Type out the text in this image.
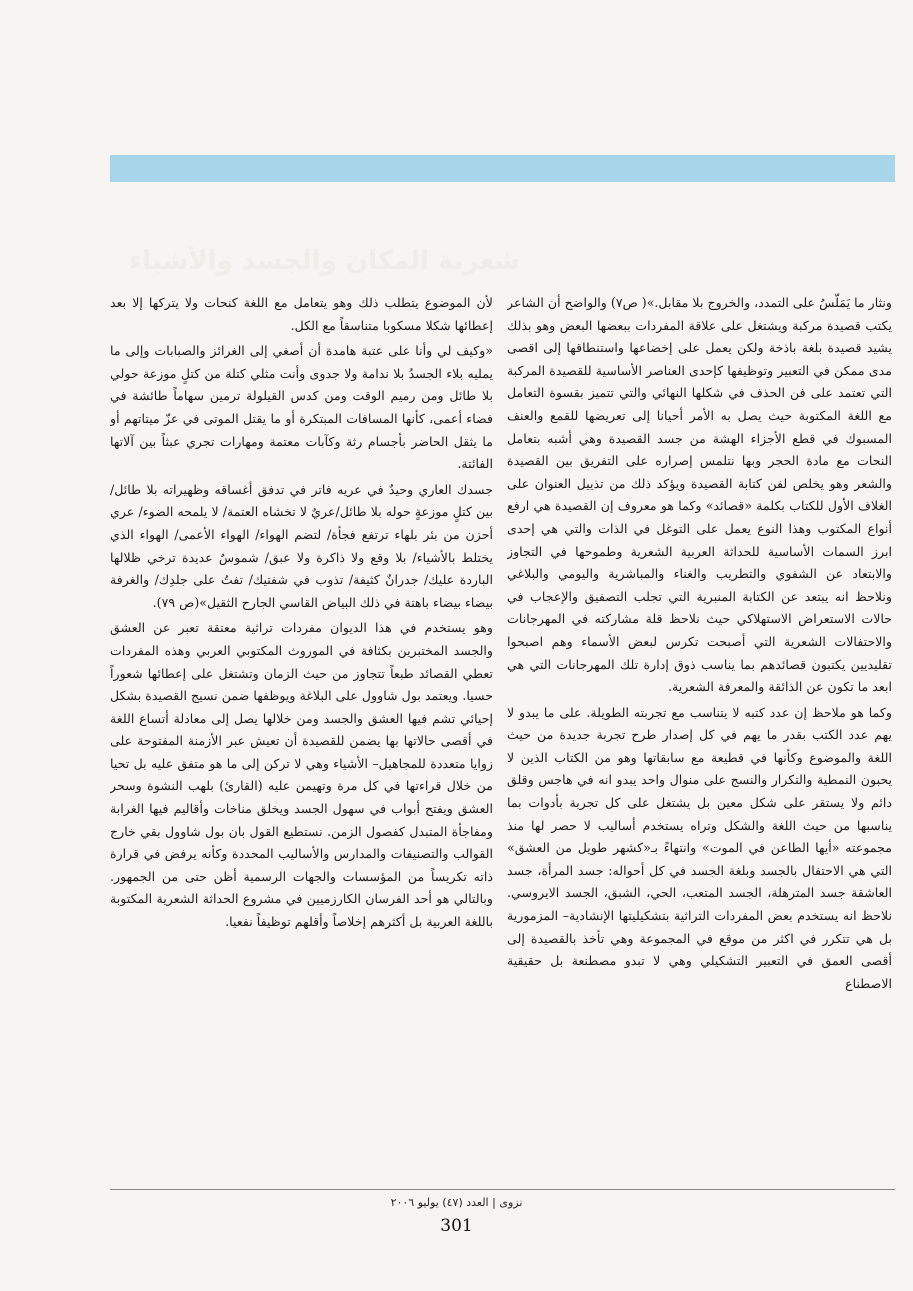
شعرية المكان والجسد والأشياء

ونثار ما يَمَلّسُ على التمدد، والخروج بلا مقابل.»( ص٧) والواضح أن الشاعر يكتب قصيدة مركبة ويشتغل على علاقة المفردات ببعضها البعض وهو بذلك يشيد قصيدة بلغة باذخة ولكن يعمل على إخضاعها واستنطاقها إلى اقصى مدى ممكن في التعبير وتوظيفها كإحدى العناصر الأساسية للقصيدة المركبة التي تعتمد على فن الحذف في شكلها النهائي والتي تتميز بقسوة التعامل مع اللغة المكتوبة حيث يصل به الأمر أحيانا إلى تعريضها للقمع والعنف المسبوك في قطع الأجزاء الهشة من جسد القصيدة وهي أشبه بتعامل النحات مع مادة الحجر وبها نتلمس إصراره على التفريق بين القصيدة والشعر وهو يخلص لفن كتابة القصيدة ويؤكد ذلك من تذييل العنوان على الغلاف الأول للكتاب بكلمة «قصائد» وكما هو معروف إن القصيدة هي ارفع أنواع المكتوب وهذا النوع يعمل على التوغل في الذات والتي هي إحدى ابرز السمات الأساسية للحداثة العربية الشعرية وطموحها في التجاوز والابتعاد عن الشفوي والتطريب والغناء والمباشرية واليومي والبلاغي ونلاحظ انه يبتعد عن الكتابة المنبرية التي تجلب التصفيق والإعجاب في حالات الاستعراض الاستهلاكي حيث نلاحظ قلة مشاركته في المهرجانات والاحتفالات الشعرية التي أصبحت تكرس لبعض الأسماء وهم اصبحوا تقليديين يكتبون قصائدهم بما يناسب ذوق إدارة تلك المهرجانات التي هي ابعد ما تكون عن الذائقة والمعرفة الشعرية.

وكما هو ملاحظ إن عدد كتبه لا يتناسب مع تجربته الطويلة. على ما يبدو لا يهم عدد الكتب بقدر ما يهم في كل إصدار طرح تجربة جديدة من حيث اللغة والموضوع وكأنها في قطيعة مع سابقاتها وهو من الكتاب الذين لا يحبون النمطية والتكرار والنسج على منوال واحد يبدو انه في هاجس وقلق دائم ولا يستقر على شكل معين بل يشتغل على كل تجربة بأدوات بما يناسبها من حيث اللغة والشكل وتراه يستخدم أساليب لا حصر لها منذ مجموعته «أيها الطاعن في الموت» وانتهاءً بـ«كشهر طويل من العشق» التي هي الاحتفال بالجسد وبلغة الجسد في كل أحواله: جسد المرأة، جسد العاشقة جسد المترهلة، الجسد المتعب، الحي، الشبق، الجسد الايروسي. نلاحظ انه يستخدم بعض المفردات التراثية بتشكيليتها الإنشادية– المزمورية بل هي تتكرر في اكثر من موقع في المجموعة وهي تأخذ بالقصيدة إلى أقصى العمق في التعبير التشكيلي وهي لا تبدو مصطنعة بل حقيقية الاصطناع

لأن الموضوع يتطلب ذلك وهو يتعامل مع اللغة كنحات ولا يتركها إلا بعد إعطائها شكلا مسكوبا متناسقاً مع الكل.

«وكيف لي وأنا على عتبة هامدة أن أصغي إلى الغرائز والصبابات وإلى ما يمليه بلاء الجسدُ بلا ندامة ولا جدوى وأنت مثلي كتلة من كتلٍ موزعة حولي بلا طائل ومن رميم الوقت ومن كدس القيلولة ترمين سهاماً طائشة في فضاء أعمى، كأنها المسافات المبتكرة أو ما يقتل الموتى في عزّ ميتاتهم أو ما يثقل الحاضر بأجسام رثة وكآبات معتمة ومهارات تجري عبثاً بين آلاتها الفائتة.

جسدك العاري وحيدٌ في عريه فاتر في تدفق أغساقه وظهيراته بلا طائل/ بين كتلٍ موزعةٍ حوله بلا طائل/عريٌ لا تخشاه العتمة/ لا يلمحه الضوء/ عري أحزن من بئر بلهاء ترتفع فجأة/ لتضم الهواء/ الهواء الأعمى/ الهواء الذي يختلط بالأشياء/ بلا وقع ولا ذاكرة ولا عبق/ شموسٌ عديدة ترخي ظلالها الباردة عليك/ جدرانٌ كثيفة/ تذوب في شفتيك/ تفتُ على جلدِك/ والغرفة بيضاء بيضاء باهتة في ذلك البياض القاسي الجارح الثقيل»(ص ٧٩).

وهو يستخدم في هذا الديوان مفردات تراثية معتقة تعبر عن العشق والجسد المختبرين بكثافة في الموروث المكتوبي العربي وهذه المفردات تعطي القصائد طبعاً تتجاوز من حيث الزمان وتشتغل على إعطائها شعوراً حسيا. ويعتمد بول شاوول على البلاغة ويوظفها ضمن نسيج القصيدة بشكل إحيائي تشم فيها العشق والجسد ومن خلالها يصل إلى معادلة أتساع اللغة في أقصى حالاتها بها يضمن للقصيدة أن تعيش عبر الأزمنة المفتوحة على زوايا متعددة للمجاهيل– الأشياء وهي لا تركن إلى ما هو متفق عليه بل تحيا من خلال قراءتها في كل مرة وتهيمن عليه (القارئ) بلهب النشوة وسحر العشق ويفتح أبواب في سهول الجسد ويخلق مناخات وأقاليم فيها الغرابة ومفاجأة المتبدل كفصول الزمن. نستطيع القول بان بول شاوول بقي خارج القوالب والتصنيفات والمدارس والأساليب المحددة وكأنه يرفض في قرارة ذاته تكريساً من المؤسسات والجهات الرسمية أظن حتى من الجمهور. وبالتالي هو أحد الفرسان الكارزميين في مشروع الحداثة الشعرية المكتوبة باللغة العربية بل أكثرهم إخلاصاً وأقلهم توظيفاً نفعيا.

نزوى | العدد (٤٧) يوليو ٢٠٠٦
301
